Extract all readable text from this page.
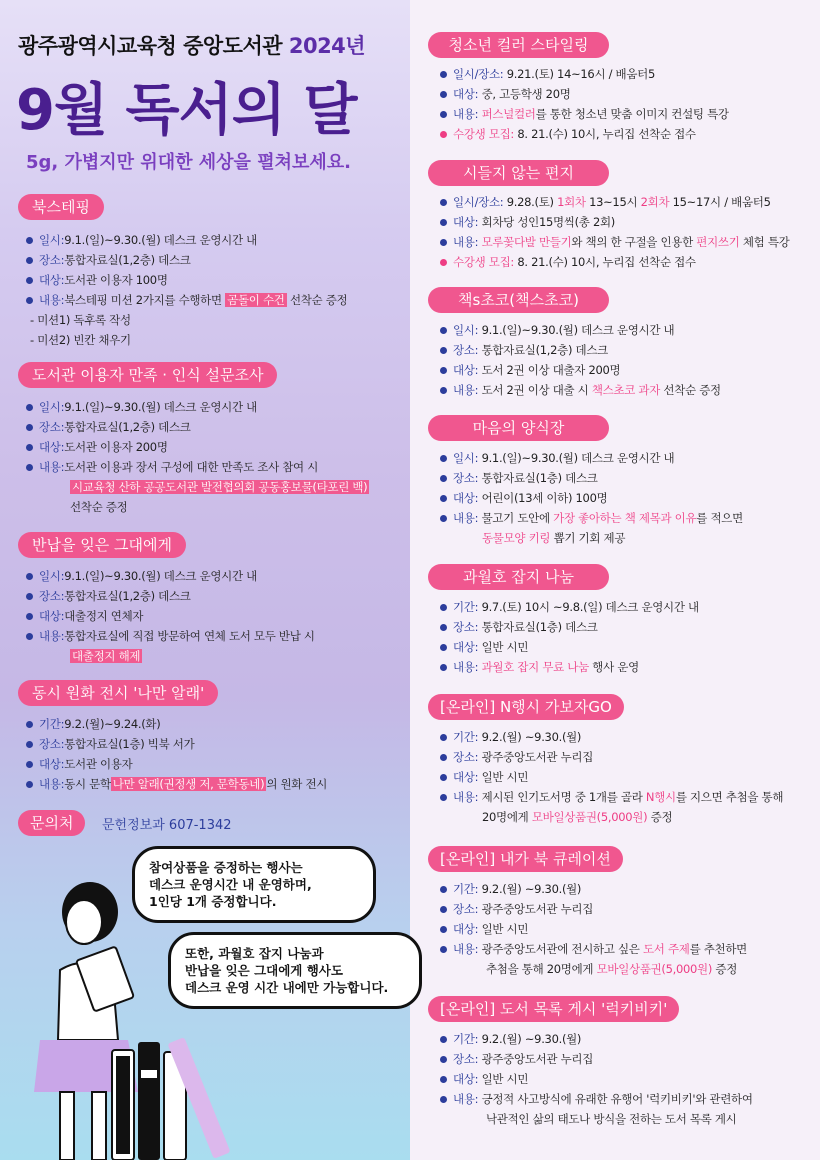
광주광역시교육청 중앙도서관 2024년
9월 독서의 달
5g, 가볍지만 위대한 세상을 펼쳐보세요.
북스테핑
일시:9.1.(일)~9.30.(월) 데스크 운영시간 내
장소:통합자료실(1,2층) 데스크
대상:도서관 이용자 100명
내용:북스테핑 미션 2가지를 수행하면 곰돌이 수건 선착순 증정
- 미션1) 독후록 작성
- 미션2) 빈칸 채우기
도서관 이용자 만족 · 인식 설문조사
일시:9.1.(일)~9.30.(월) 데스크 운영시간 내
장소:통합자료실(1,2층) 데스크
대상:도서관 이용자 200명
내용:도서관 이용과 장서 구성에 대한 만족도 조사 참여 시
시교육청 산하 공공도서관 발전협의회 공동홍보물(타포린 백)
선착순 증정
반납을 잊은 그대에게
일시:9.1.(일)~9.30.(월) 데스크 운영시간 내
장소:통합자료실(1,2층) 데스크
대상:대출정지 연체자
내용:통합자료실에 직접 방문하여 연체 도서 모두 반납 시
대출정지 해제
동시 원화 전시 '나만 알래'
기간:9.2.(월)~9.24.(화)
장소:통합자료실(1층) 빅북 서가
대상:도서관 이용자
내용:동시 문학 나만 알래(권정생 저, 문학동네) 의 원화 전시
문의처	문헌정보과 607-1342
참여상품을 증정하는 행사는
데스크 운영시간 내 운영하며,
1인당 1개 증정합니다.
또한, 과월호 잡지 나눔과
반납을 잊은 그대에게 행사도
데스크 운영 시간 내에만 가능합니다.
청소년 컬러 스타일링
일시/장소: 9.21.(토) 14~16시 / 배움터5
대상: 중, 고등학생 20명
내용: 퍼스널컬러를 통한 청소년 맞춤 이미지 컨설팅 특강
수강생 모집: 8. 21.(수) 10시, 누리집 선착순 접수
시들지 않는 편지
일시/장소: 9.28.(토) 1회차 13~15시 2회차 15~17시 / 배움터5
대상: 회차당 성인15명씩(총 2회)
내용: 모루꽃다발 만들기와 책의 한 구절을 인용한 편지쓰기 체험 특강
수강생 모집: 8. 21.(수) 10시, 누리집 선착순 접수
책s초코(책스초코)
일시: 9.1.(일)~9.30.(월) 데스크 운영시간 내
장소: 통합자료실(1,2층) 데스크
대상: 도서 2권 이상 대출자 200명
내용: 도서 2권 이상 대출 시 책스초코 과자 선착순 증정
마음의 양식장
일시: 9.1.(일)~9.30.(월) 데스크 운영시간 내
장소: 통합자료실(1층) 데스크
대상: 어린이(13세 이하) 100명
내용: 물고기 도안에 가장 좋아하는 책 제목과 이유를 적으면
동물모양 키링 뽑기 기회 제공
과월호 잡지 나눔
기간: 9.7.(토) 10시 ~9.8.(일) 데스크 운영시간 내
장소: 통합자료실(1층) 데스크
대상: 일반 시민
내용: 과월호 잡지 무료 나눔 행사 운영
[온라인] N행시 가보자GO
기간: 9.2.(월) ~9.30.(월)
장소: 광주중앙도서관 누리집
대상: 일반 시민
내용: 제시된 인기도서명 중 1개를 골라 N행시를 지으면 추첨을 통해
20명에게 모바일상품권(5,000원) 증정
[온라인] 내가 북 큐레이션
기간: 9.2.(월) ~9.30.(월)
장소: 광주중앙도서관 누리집
대상: 일반 시민
내용: 광주중앙도서관에 전시하고 싶은 도서 주제를 추천하면
추첨을 통해 20명에게 모바일상품권(5,000원) 증정
[온라인] 도서 목록 게시 '럭키비키'
기간: 9.2.(월) ~9.30.(월)
장소: 광주중앙도서관 누리집
대상: 일반 시민
내용: 긍정적 사고방식에 유래한 유행어 '럭키비키'와 관련하여
낙관적인 삶의 태도나 방식을 전하는 도서 목록 게시
